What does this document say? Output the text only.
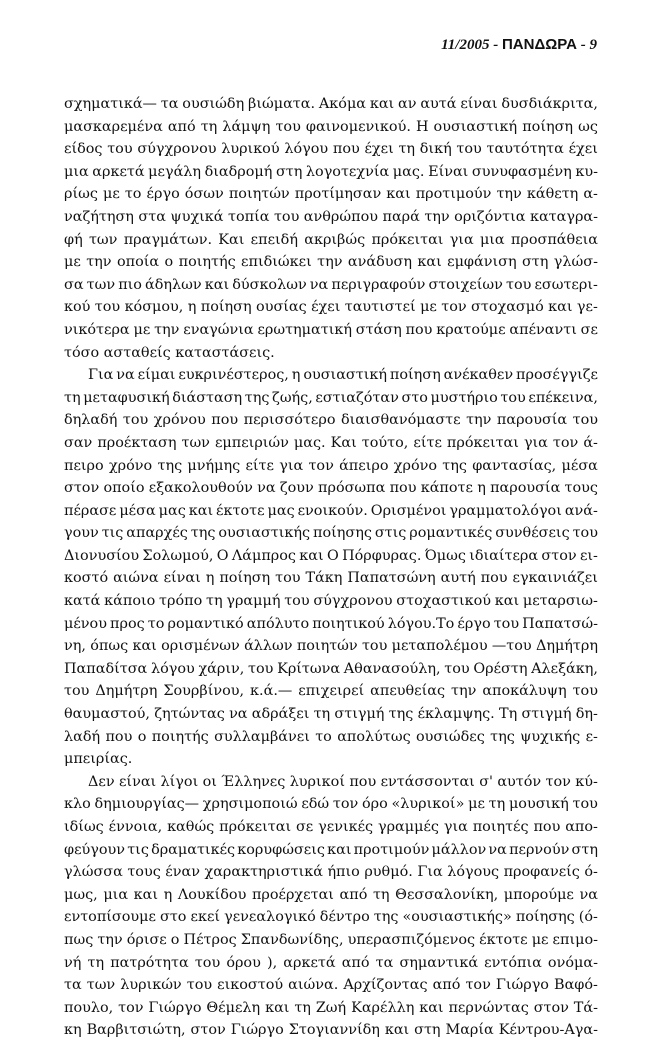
11/2005 - ΠΑΝΔΩΡΑ - 9
σχηματικά— τα ουσιώδη βιώματα. Ακόμα και αν αυτά είναι δυσδιάκριτα,
μασκαρεμένα από τη λάμψη του φαινομενικού. Η ουσιαστική ποίηση ως
είδος του σύγχρονου λυρικού λόγου που έχει τη δική του ταυτότητα έχει
μια αρκετά μεγάλη διαδρομή στη λογοτεχνία μας. Είναι συνυφασμένη κυ-
ρίως με το έργο όσων ποιητών προτίμησαν και προτιμούν την κάθετη α-
ναζήτηση στα ψυχικά τοπία του ανθρώπου παρά την οριζόντια καταγρα-
φή των πραγμάτων. Και επειδή ακριβώς πρόκειται για μια προσπάθεια
με την οποία ο ποιητής επιδιώκει την ανάδυση και εμφάνιση στη γλώσ-
σα των πιο άδηλων και δύσκολων να περιγραφούν στοιχείων του εσωτερι-
κού του κόσμου, η ποίηση ουσίας έχει ταυτιστεί με τον στοχασμό και γε-
νικότερα με την εναγώνια ερωτηματική στάση που κρατούμε απέναντι σε
τόσο ασταθείς καταστάσεις.
Για να είμαι ευκρινέστερος, η ουσιαστική ποίηση ανέκαθεν προσέγγιζε
τη μεταφυσική διάσταση της ζωής, εστιαζόταν στο μυστήριο του επέκεινα,
δηλαδή του χρόνου που περισσότερο διαισθανόμαστε την παρουσία του
σαν προέκταση των εμπειριών μας. Και τούτο, είτε πρόκειται για τον ά-
πειρο χρόνο της μνήμης είτε για τον άπειρο χρόνο της φαντασίας, μέσα
στον οποίο εξακολουθούν να ζουν πρόσωπα που κάποτε η παρουσία τους
πέρασε μέσα μας και έκτοτε μας ενοικούν. Ορισμένοι γραμματολόγοι ανά-
γουν τις απαρχές της ουσιαστικής ποίησης στις ρομαντικές συνθέσεις του
Διονυσίου Σολωμού, Ο Λάμπρος και Ο Πόρφυρας. Όμως ιδιαίτερα στον ει-
κοστό αιώνα είναι η ποίηση του Τάκη Παπατσώνη αυτή που εγκαινιάζει
κατά κάποιο τρόπο τη γραμμή του σύγχρονου στοχαστικού και μεταρσιω-
μένου προς το ρομαντικό απόλυτο ποιητικού λόγου.Το έργο του Παπατσώ-
νη, όπως και ορισμένων άλλων ποιητών του μεταπολέμου —του Δημήτρη
Παπαδίτσα λόγου χάριν, του Κρίτωνα Αθανασούλη, του Ορέστη Αλεξάκη,
του Δημήτρη Σουρβίνου, κ.ά.— επιχειρεί απευθείας την αποκάλυψη του
θαυμαστού, ζητώντας να αδράξει τη στιγμή της έκλαμψης. Τη στιγμή δη-
λαδή που ο ποιητής συλλαμβάνει το απολύτως ουσιώδες της ψυχικής ε-
μπειρίας.
Δεν είναι λίγοι οι Έλληνες λυρικοί που εντάσσονται σ' αυτόν τον κύ-
κλο δημιουργίας— χρησιμοποιώ εδώ τον όρο «λυρικοί» με τη μουσική του
ιδίως έννοια, καθώς πρόκειται σε γενικές γραμμές για ποιητές που απο-
φεύγουν τις δραματικές κορυφώσεις και προτιμούν μάλλον να περνούν στη
γλώσσα τους έναν χαρακτηριστικά ήπιο ρυθμό. Για λόγους προφανείς ό-
μως, μια και η Λουκίδου προέρχεται από τη Θεσσαλονίκη, μπορούμε να
εντοπίσουμε στο εκεί γενεαλογικό δέντρο της «ουσιαστικής» ποίησης (ό-
πως την όρισε ο Πέτρος Σπανδωνίδης, υπερασπιζόμενος έκτοτε με επιμο-
νή τη πατρότητα του όρου ), αρκετά από τα σημαντικά εντόπια ονόμα-
τα των λυρικών του εικοστού αιώνα. Αρχίζοντας από τον Γιώργο Βαφό-
πουλο, τον Γιώργο Θέμελη και τη Ζωή Καρέλλη και περνώντας στον Τά-
κη Βαρβιτσιώτη, στον Γιώργο Στογιαννίδη και στη Μαρία Κέντρου-Αγα-
